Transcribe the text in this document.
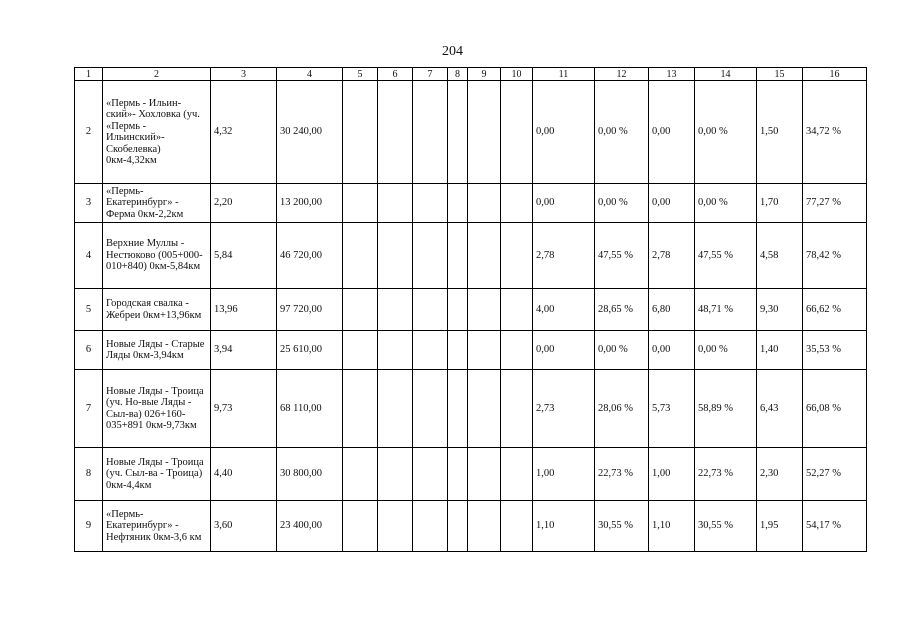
204
1	2	3	4	5	6	7	8	9	10	11	12	13	14	15	16
2	«Пермь - Ильин-ский»- Хохловка (уч. «Пермь - Ильинский»-Скобелевка) 0км-4,32км	4,32	30 240,00							0,00	0,00 %	0,00	0,00 %	1,50	34,72 %
3	«Пермь-Екатеринбург» - Ферма 0км-2,2км	2,20	13 200,00							0,00	0,00 %	0,00	0,00 %	1,70	77,27 %
4	Верхние Муллы - Нестюково (005+000-010+840) 0км-5,84км	5,84	46 720,00							2,78	47,55 %	2,78	47,55 %	4,58	78,42 %
5	Городская свалка - Жебреи 0км+13,96км	13,96	97 720,00							4,00	28,65 %	6,80	48,71 %	9,30	66,62 %
6	Новые Ляды - Старые Ляды 0км-3,94км	3,94	25 610,00							0,00	0,00 %	0,00	0,00 %	1,40	35,53 %
7	Новые Ляды - Троица (уч. Но-вые Ляды - Сыл-ва) 026+160-035+891 0км-9,73км	9,73	68 110,00							2,73	28,06 %	5,73	58,89 %	6,43	66,08 %
8	Новые Ляды - Троица (уч. Сыл-ва - Троица) 0км-4,4км	4,40	30 800,00							1,00	22,73 %	1,00	22,73 %	2,30	52,27 %
9	«Пермь-Екатеринбург» - Нефтяник 0км-3,6 км	3,60	23 400,00							1,10	30,55 %	1,10	30,55 %	1,95	54,17 %
